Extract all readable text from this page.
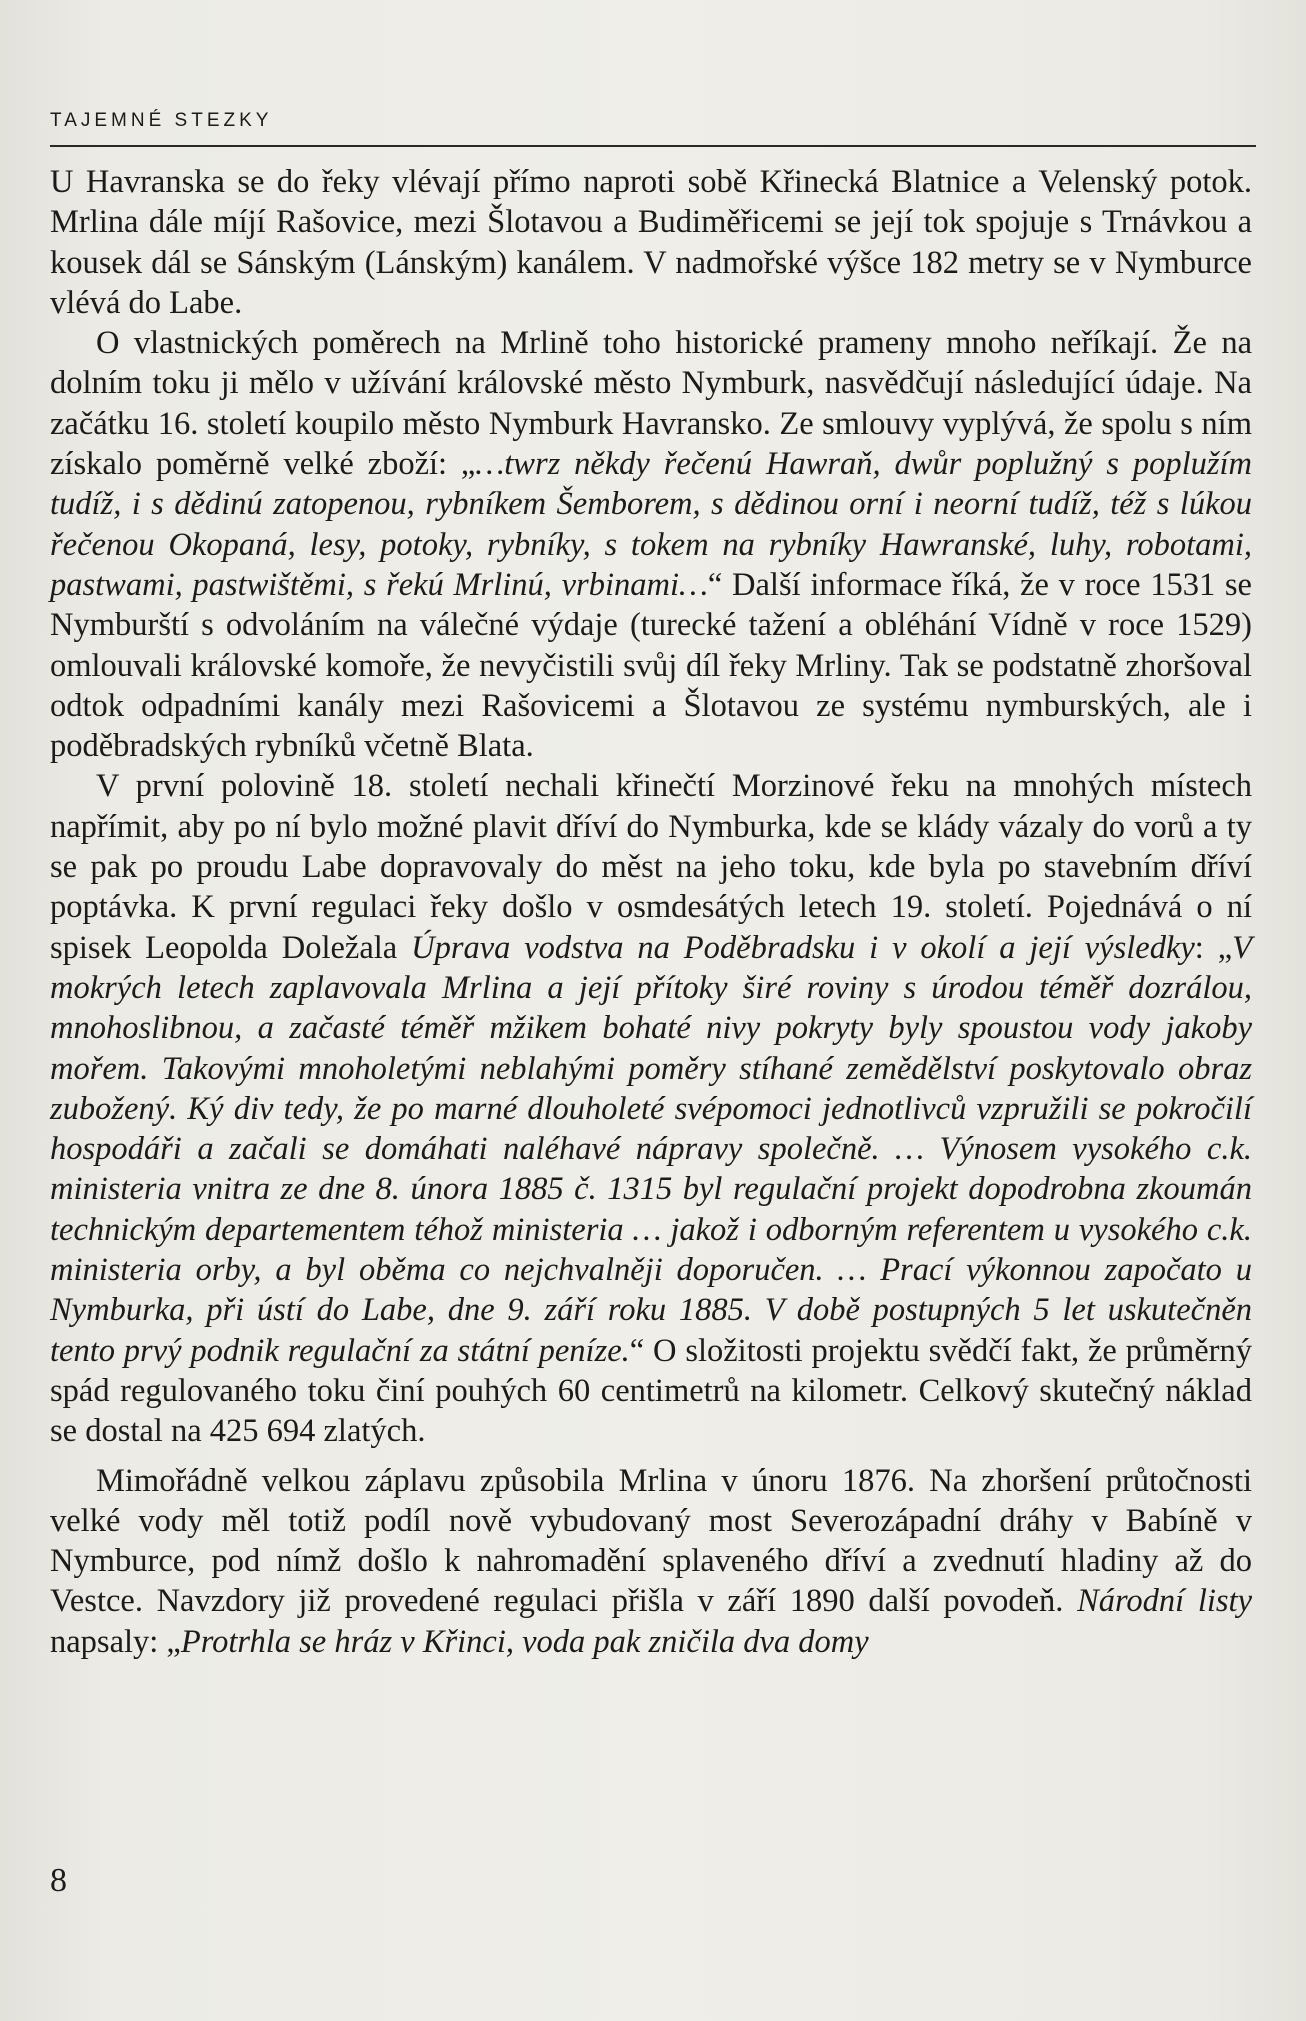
TAJEMNÉ STEZKY

U Havranska se do řeky vlévají přímo naproti sobě Křinecká Blatnice a Velenský potok. Mrlina dále míjí Rašovice, mezi Šlotavou a Budiměřicemi se její tok spojuje s Trnávkou a kousek dál se Sánským (Lánským) kanálem. V nadmořské výšce 182 metry se v Nymburce vlévá do Labe.

O vlastnických poměrech na Mrlině toho historické prameny mnoho neříkají. Že na dolním toku ji mělo v užívání královské město Nymburk, nasvědčují následující údaje. Na začátku 16. století koupilo město Nymburk Havransko. Ze smlouvy vyplývá, že spolu s ním získalo poměrně velké zboží: „…twrz někdy řečenú Hawraň, dwůr poplužný s poplužím tudíž, i s dědinú zatopenou, rybníkem Šemborem, s dědinou orní i neorní tudíž, též s lúkou řečenou Okopaná, lesy, potoky, rybníky, s tokem na rybníky Hawranské, luhy, robotami, pastwami, pastwištěmi, s řekú Mrlinú, vrbinami…“ Další informace říká, že v roce 1531 se Nymburští s odvoláním na válečné výdaje (turecké tažení a obléhání Vídně v roce 1529) omlouvali královské komoře, že nevyčistili svůj díl řeky Mrliny. Tak se podstatně zhoršoval odtok odpadními kanály mezi Rašovicemi a Šlotavou ze systému nymburských, ale i poděbradských rybníků včetně Blata.

V první polovině 18. století nechali křinečtí Morzinové řeku na mnohých místech napřímit, aby po ní bylo možné plavit dříví do Nymburka, kde se klády vázaly do vorů a ty se pak po proudu Labe dopravovaly do měst na jeho toku, kde byla po stavebním dříví poptávka. K první regulaci řeky došlo v osmdesátých letech 19. století. Pojednává o ní spisek Leopolda Doležala Úprava vodstva na Poděbradsku i v okolí a její výsledky: „V mokrých letech zaplavovala Mrlina a její přítoky širé roviny s úrodou téměř dozrálou, mnohoslibnou, a začasté téměř mžikem bohaté nivy pokryty byly spoustou vody jakoby mořem. Takovými mnoholetými neblahými poměry stíhané zemědělství poskytovalo obraz zubožený. Ký div tedy, že po marné dlouholeté svépomoci jednotlivců vzpružili se pokročilí hospodáři a začali se domáhati naléhavé nápravy společně. … Výnosem vysokého c.k. ministeria vnitra ze dne 8. února 1885 č. 1315 byl regulační projekt dopodrobna zkoumán technickým departementem téhož ministeria … jakož i odborným referentem u vysokého c.k. ministeria orby, a byl oběma co nejchvalněji doporučen. … Prací výkonnou započato u Nymburka, při ústí do Labe, dne 9. září roku 1885. V době postupných 5 let uskutečněn tento prvý podnik regulační za státní peníze.“ O složitosti projektu svědčí fakt, že průměrný spád regulovaného toku činí pouhých 60 centimetrů na kilometr. Celkový skutečný náklad se dostal na 425 694 zlatých.

Mimořádně velkou záplavu způsobila Mrlina v únoru 1876. Na zhoršení průtočnosti velké vody měl totiž podíl nově vybudovaný most Severozápadní dráhy v Babíně v Nymburce, pod nímž došlo k nahromadění splaveného dříví a zvednutí hladiny až do Vestce. Navzdory již provedené regulaci přišla v září 1890 další povodeň. Národní listy napsaly: „Protrhla se hráz v Křinci, voda pak zničila dva domy

8
